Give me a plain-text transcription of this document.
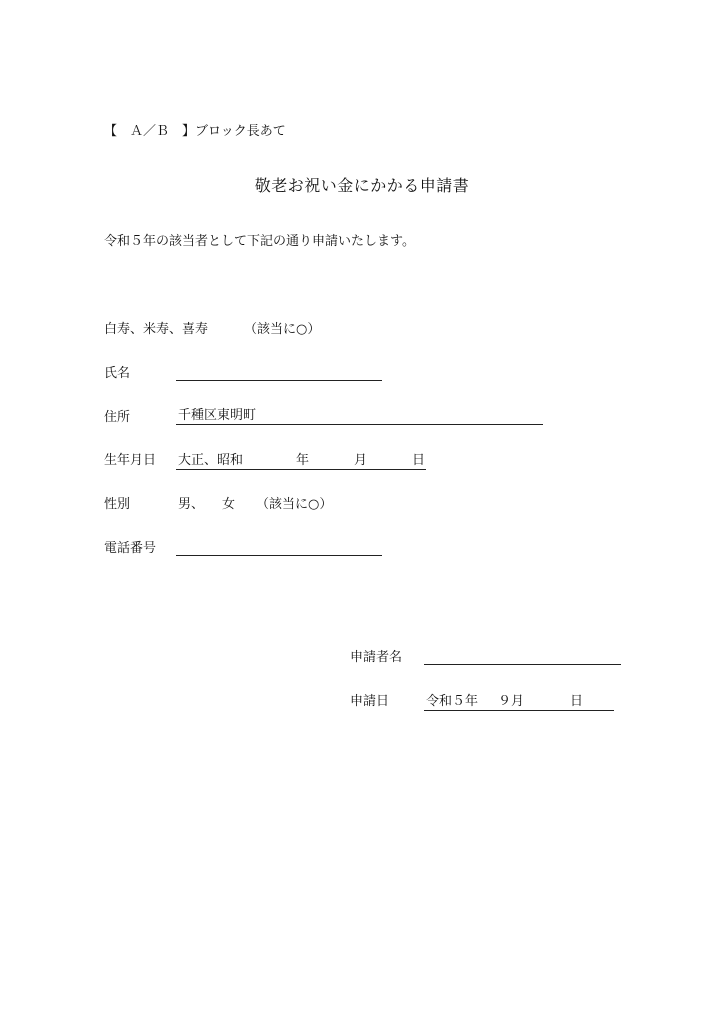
【　Ａ／Ｂ　】ブロック長あて
敬老お祝い金にかかる申請書
令和５年の該当者として下記の通り申請いたします。
白寿、米寿、喜寿	（該当に○）
氏名
住所	千種区東明町
生年月日 大正、昭和	年	月	日
性別	男、 女 （該当に○）
電話番号
申請者名
申請日	令和５年 ９月	日
